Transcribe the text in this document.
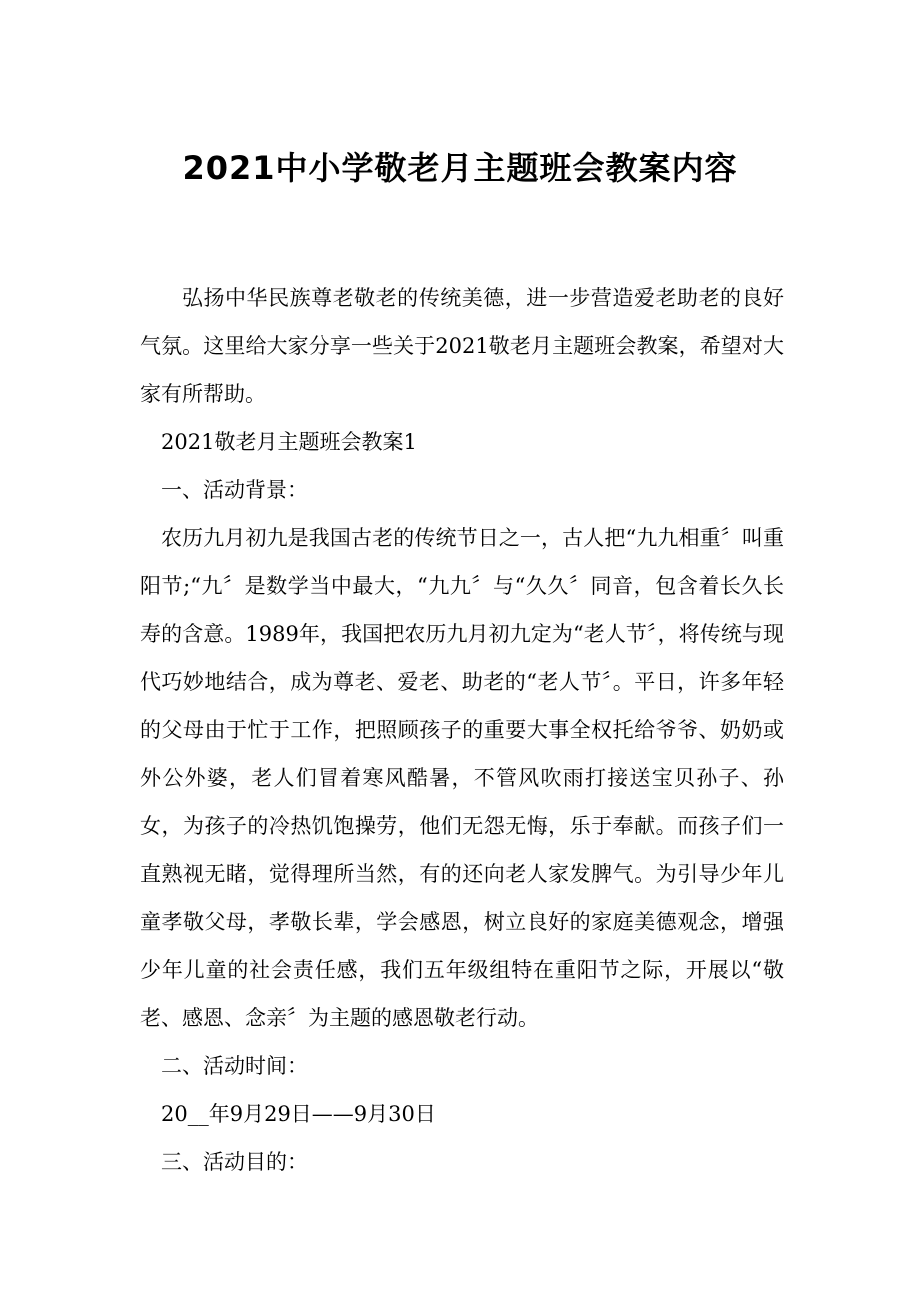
2021中小学敬老月主题班会教案内容

弘扬中华民族尊老敬老的传统美德，进一步营造爱老助老的良好气氛。这里给大家分享一些关于2021敬老月主题班会教案，希望对大家有所帮助。

2021敬老月主题班会教案1

一、活动背景：

农历九月初九是我国古老的传统节日之一，古人把“九九相重〞叫重阳节;“九〞是数学当中最大，“九九〞与“久久〞同音，包含着长久长寿的含意。1989年，我国把农历九月初九定为“老人节〞，将传统与现代巧妙地结合，成为尊老、爱老、助老的“老人节〞。平日，许多年轻的父母由于忙于工作，把照顾孩子的重要大事全权托给爷爷、奶奶或外公外婆，老人们冒着寒风酷暑，不管风吹雨打接送宝贝孙子、孙女，为孩子的冷热饥饱操劳，他们无怨无悔，乐于奉献。而孩子们一直熟视无睹，觉得理所当然，有的还向老人家发脾气。为引导少年儿童孝敬父母，孝敬长辈，学会感恩，树立良好的家庭美德观念，增强少年儿童的社会责任感，我们五年级组特在重阳节之际，开展以“敬老、感恩、念亲〞为主题的感恩敬老行动。

二、活动时间：

20__年9月29日——9月30日

三、活动目的：
